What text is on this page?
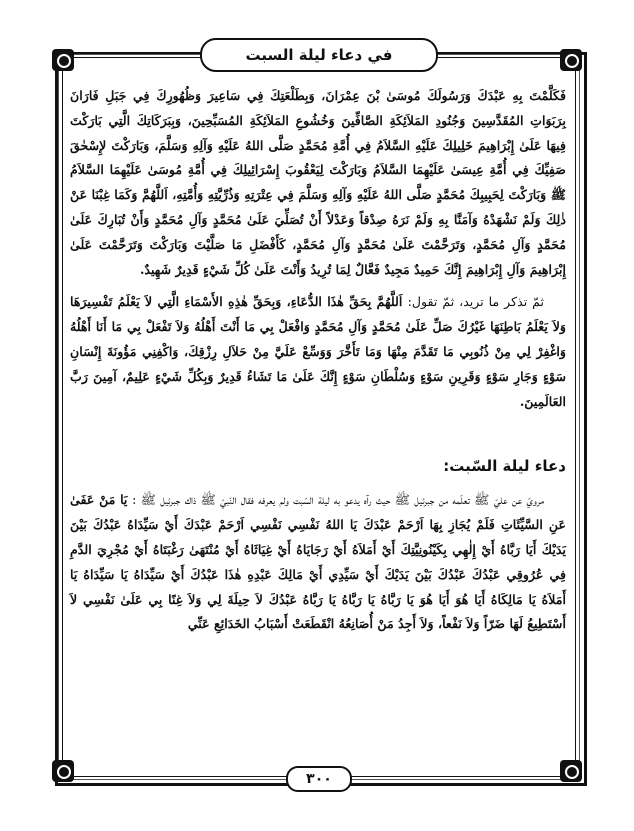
في دعاء ليلة السبت

فَكَلَّمْتَ بِهِ عَبْدَكَ وَرَسُولَكَ مُوسَىٰ بْنَ عِمْرَانَ، وَبِطَلْعَتِكَ فِي سَاعِيرَ وَظُهُورِكَ فِي جَبَلِ فَارَانَ بِرَبَوَاتِ المُقَدَّسِينَ وَجُنُودِ المَلاَئِكَةِ الصَّافِّينَ وَخُشُوعِ المَلاَئِكَةِ المُسَبِّحِينَ، وَبِبَرَكَاتِكَ الَّتِي بَارَكْتَ فِيهَا عَلَىٰ إِبْرَاهِيمَ خَلِيلِكَ عَلَيْهِ السَّلاَمُ فِي أُمَّةِ مُحَمَّدٍ صَلَّى اللهُ عَلَيْهِ وَآلِهِ وَسَلَّمَ، وَبَارَكْتَ لإِسْحٰقَ صَفِيِّكَ فِي أُمَّةِ عِيسَىٰ عَلَيْهِمَا السَّلاَمُ وَبَارَكْتَ لِيَعْقُوبَ إِسْرَائِيلِكَ فِي أُمَّةِ مُوسَىٰ عَلَيْهِمَا السَّلاَمُ ﷺ وَبَارَكْتَ لِحَبِيبِكَ مُحَمَّدٍ صَلَّى اللهُ عَلَيْهِ وَآلِهِ وَسَلَّمَ فِي عِتْرَتِهِ وَذُرِّيَّتِهِ وَأُمَّتِهِ، اَللَّهُمَّ وَكَمَا غِبْنَا عَنْ ذٰلِكَ وَلَمْ نَشْهَدْهُ وَآمَنَّا بِهِ وَلَمْ نَرَهُ صِدْقاً وَعَدْلاً أَنْ تُصَلِّيَ عَلَىٰ مُحَمَّدٍ وَآلِ مُحَمَّدٍ وَأَنْ تُبَارِكَ عَلَىٰ مُحَمَّدٍ وَآلِ مُحَمَّدٍ، وَتَرَحَّمْتَ عَلَىٰ مُحَمَّدٍ وَآلِ مُحَمَّدٍ، كَأَفْضَلِ مَا صَلَّيْتَ وَبَارَكْتَ وَتَرَحَّمْتَ عَلَىٰ إِبْرَاهِيمَ وَآلِ إِبْرَاهِيمَ إِنَّكَ حَمِيدٌ مَجِيدٌ فَعَّالٌ لِمَا تُرِيدُ وَأَنْتَ عَلَىٰ كُلِّ شَيْءٍ قَدِيرٌ شَهِيدٌ.

ثمّ تذكر ما تريد، ثمّ تقول: اَللَّهُمَّ بِحَقِّ هٰذَا الدُّعَاءِ، وَبِحَقِّ هٰذِهِ الأَسْمَاءِ الَّتِي لاَ يَعْلَمُ تَفْسِيرَهَا وَلاَ يَعْلَمُ بَاطِنَهَا غَيْرُكَ صَلِّ عَلَىٰ مُحَمَّدٍ وَآلِ مُحَمَّدٍ وَافْعَلْ بِي مَا أَنْتَ أَهْلُهُ وَلاَ تَفْعَلْ بِي مَا أَنَا أَهْلُهُ وَاغْفِرْ لِي مِنْ ذُنُوبِي مَا تَقَدَّمَ مِنْهَا وَمَا تَأَخَّرَ وَوَسِّعْ عَلَيَّ مِنْ حَلاَلِ رِزْقِكَ، وَاكْفِنِي مَؤُونَةَ إِنْسَانِ سَوْءٍ وَجَارِ سَوْءٍ وَقَرِينِ سَوْءٍ وَسُلْطَانِ سَوْءٍ إِنَّكَ عَلَىٰ مَا تَشَاءُ قَدِيرٌ وَبِكُلِّ شَيْءٍ عَلِيمٌ، آمِينَ رَبَّ العَالَمِينَ.

دعاء ليلة السّبت:

مرويّ عن عليّ ﷺ تعلّمه من جبرئيل ﷺ حيث رآه يدعو به ليلة السّبت ولم يعرفه فقال النّبيّ ﷺ ذاك جبرئيل ﷺ : يَا مَنْ عَفَىٰ عَنِ السَّيِّئَاتِ فَلَمْ يُجَازِ بِهَا اَرْحَمْ عَبْدَكَ يَا اللهُ نَفْسِي نَفْسِي اَرْحَمْ عَبْدَكَ أَيْ سَيِّدَاهُ عَبْدُكَ بَيْنَ يَدَيْكَ أَيَا رَبَّاهُ أَيْ إِلٰهِي بِكَيْنُونِيَّتِكَ أَيْ أَمَلاَهُ أَيْ رَجَايَاهُ أَيْ غِيَاثَاهُ أَيْ مُنْتَهَىٰ رَغْبَتَاهُ أَيْ مُجْرِيَ الدَّمِ فِي عُرُوقِي عَبْدُكَ عَبْدُكَ بَيْنَ يَدَيْكَ أَيْ سَيِّدِي أَيْ مَالِكَ عَبْدِهِ هٰذَا عَبْدُكَ أَيْ سَيِّدَاهُ يَا سَيِّدَاهُ يَا أَمَلاَهُ يَا مَالِكَاهُ أَيَا هُوَ أَيَا هُوَ يَا رَبَّاهُ يَا رَبَّاهُ يَا رَبَّاهُ عَبْدُكَ لاَ حِيلَةَ لِي وَلاَ غِنًا بِي عَلَىٰ نَفْسِي لاَ أَسْتَطِيعُ لَهَا ضَرّاً وَلاَ نَفْعاً، وَلاَ أَجِدُ مَنْ أُصَانِعُهُ انْقَطَعَتْ أَسْبَابُ الخَدَائِعِ عَنِّي

٣٠٠
